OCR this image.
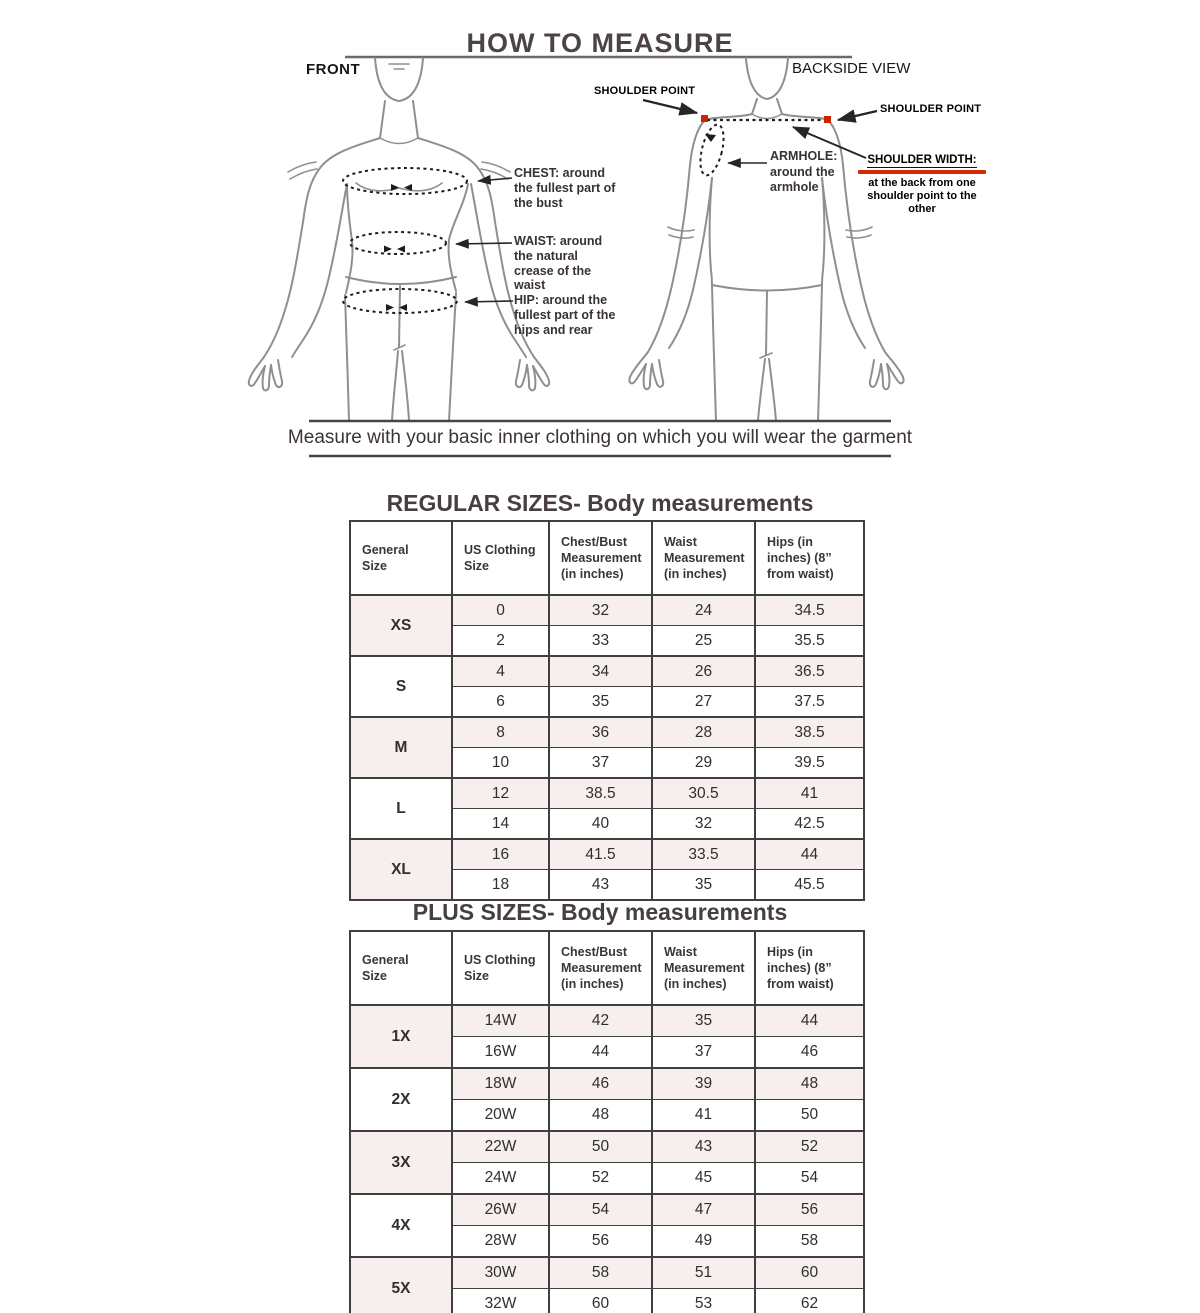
HOW TO MEASURE
FRONT	BACKSIDE VIEW
CHEST: around the fullest part of the bust
WAIST: around the natural crease of the waist
HIP: around the fullest part of the hips and rear
SHOULDER POINT
SHOULDER POINT
ARMHOLE: around the armhole
SHOULDER WIDTH:
at the back from one shoulder point to the other
Measure with your basic inner clothing on which you will wear the garment
REGULAR SIZES- Body measurements
General Size	US Clothing Size	Chest/Bust Measurement (in inches)	Waist Measurement (in inches)	Hips (in inches) (8” from waist)

XS	0	32	24	34.5
	2	33	25	35.5
S	4	34	26	36.5
	6	35	27	37.5
M	8	36	28	38.5
	10	37	29	39.5
L	12	38.5	30.5	41
	14	40	32	42.5
XL	16	41.5	33.5	44
	18	43	35	45.5
PLUS SIZES- Body measurements
General Size	US Clothing Size	Chest/Bust Measurement (in inches)	Waist Measurement (in inches)	Hips (in inches) (8” from waist)

1X	14W	42	35	44
	16W	44	37	46
2X	18W	46	39	48
	20W	48	41	50
3X	22W	50	43	52
	24W	52	45	54
4X	26W	54	47	56
	28W	56	49	58
5X	30W	58	51	60
	32W	60	53	62
